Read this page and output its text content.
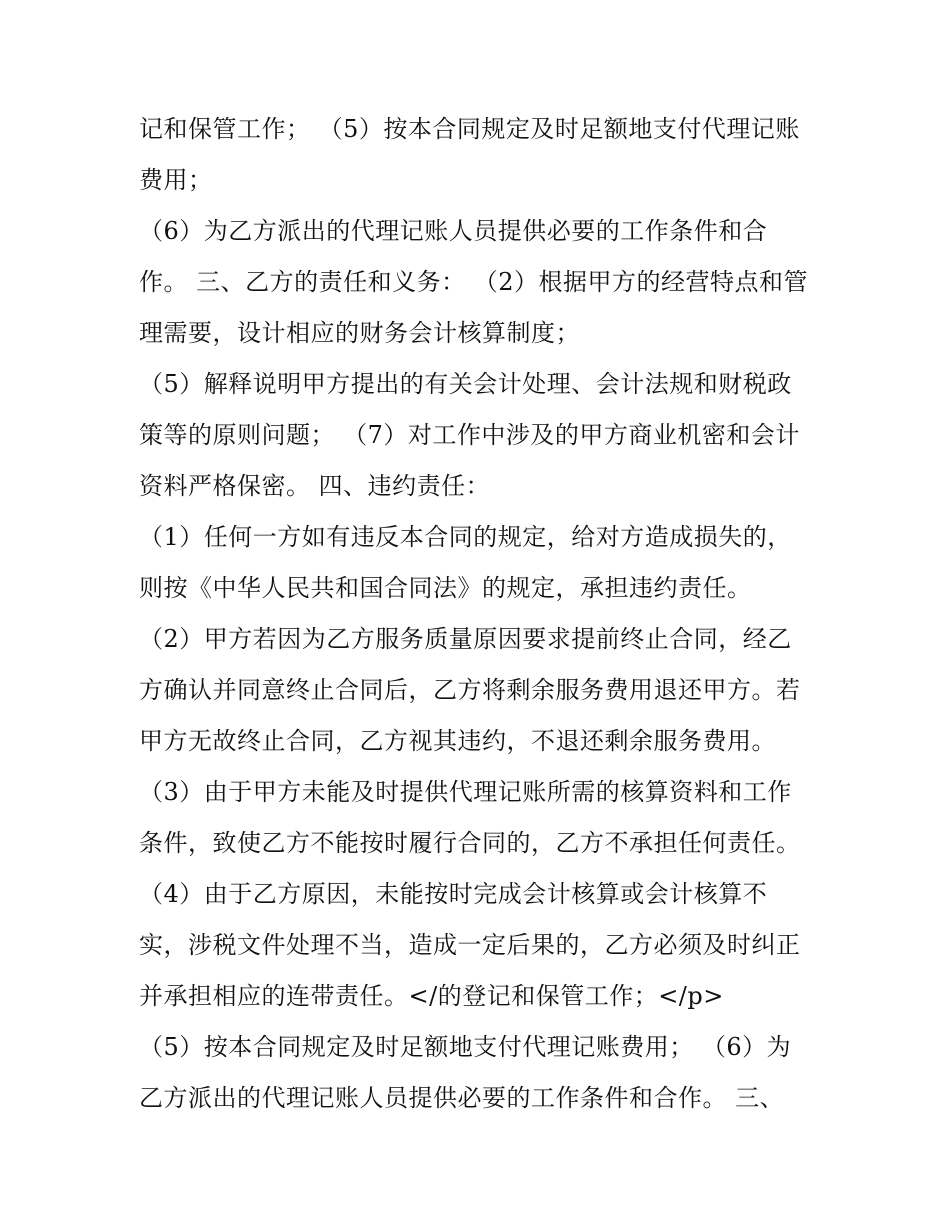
记和保管工作； （5）按本合同规定及时足额地支付代理记账
费用；
（6）为乙方派出的代理记账人员提供必要的工作条件和合
作。 三、乙方的责任和义务： （2）根据甲方的经营特点和管
理需要，设计相应的财务会计核算制度；
（5）解释说明甲方提出的有关会计处理、会计法规和财税政
策等的原则问题； （7）对工作中涉及的甲方商业机密和会计
资料严格保密。 四、违约责任：
（1）任何一方如有违反本合同的规定，给对方造成损失的，
则按《中华人民共和国合同法》的规定，承担违约责任。
（2）甲方若因为乙方服务质量原因要求提前终止合同，经乙
方确认并同意终止合同后，乙方将剩余服务费用退还甲方。若
甲方无故终止合同，乙方视其违约，不退还剩余服务费用。
（3）由于甲方未能及时提供代理记账所需的核算资料和工作
条件，致使乙方不能按时履行合同的，乙方不承担任何责任。
（4）由于乙方原因，未能按时完成会计核算或会计核算不
实，涉税文件处理不当，造成一定后果的，乙方必须及时纠正
并承担相应的连带责任。</的登记和保管工作；</p>
（5）按本合同规定及时足额地支付代理记账费用； （6）为
乙方派出的代理记账人员提供必要的工作条件和合作。 三、
